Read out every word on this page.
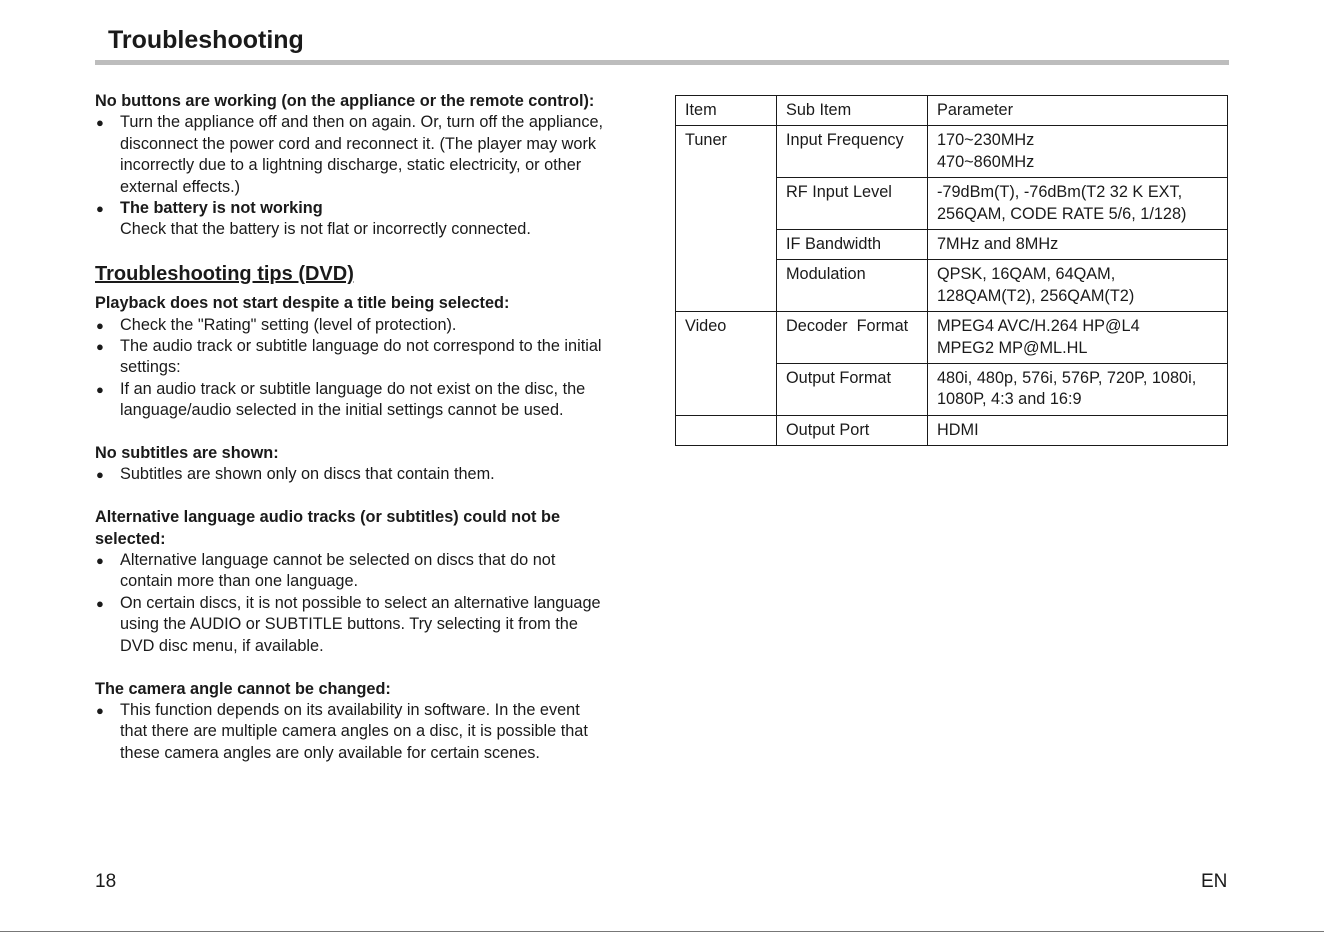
Troubleshooting

No buttons are working (on the appliance or the remote control):

● Turn the appliance off and then on again. Or, turn off the appliance,
disconnect the power cord and reconnect it. (The player may work
incorrectly due to a lightning discharge, static electricity, or other
external effects.)
● The battery is not working
Check that the battery is not flat or incorrectly connected.
Troubleshooting tips (DVD)

Playback does not start despite a title being selected:

● Check the "Rating" setting (level of protection).
● The audio track or subtitle language do not correspond to the initial
settings:
● If an audio track or subtitle language do not exist on the disc, the
language/audio selected in the initial settings cannot be used.

No subtitles are shown:

● Subtitles are shown only on discs that contain them.

Alternative language audio tracks (or subtitles) could not be
selected:

● Alternative language cannot be selected on discs that do not
contain more than one language.
● On certain discs, it is not possible to select an alternative language
using the AUDIO or SUBTITLE buttons. Try selecting it from the
DVD disc menu, if available.

The camera angle cannot be changed:

● This function depends on its availability in software. In the event
that there are multiple camera angles on a disc, it is possible that
these camera angles are only available for certain scenes.
Item	Sub Item	Parameter
Tuner	Input Frequency	170~230MHz
470~860MHz

	RF Input Level	-79dBm(T), -76dBm(T2 32 K EXT,
256QAM, CODE RATE 5/6, 1/128)

	IF Bandwidth	7MHz and 8MHz

	Modulation	QPSK, 16QAM, 64QAM,
128QAM(T2), 256QAM(T2)

Video	Decoder  Format	MPEG4 AVC/H.264 HP@L4
MPEG2 MP@ML.HL

	Output Format	480i, 480p, 576i, 576P, 720P, 1080i,
1080P, 4:3 and 16:9

	Output Port	HDMI
18	EN
